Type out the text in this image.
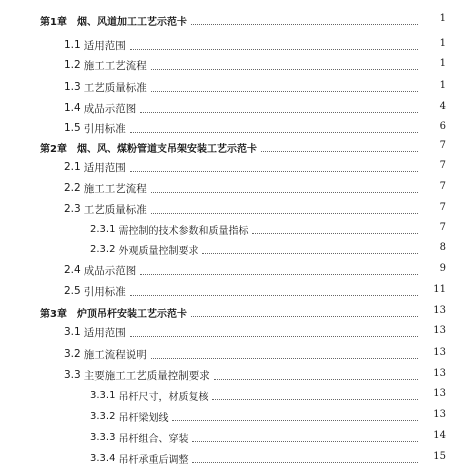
第1章 烟、风道加工工艺示范卡	1
1.1 适用范围	1
1.2 施工工艺流程	1
1.3 工艺质量标准	1
1.4 成品示范图	4
1.5 引用标准	6
第2章 烟、风、煤粉管道支吊架安装工艺示范卡	7
2.1 适用范围	7
2.2 施工工艺流程	7
2.3 工艺质量标准	7
2.3.1 需控制的技术参数和质量指标	7
2.3.2 外观质量控制要求	8
2.4 成品示范图	9
2.5 引用标准	11
第3章 炉顶吊杆安装工艺示范卡	13
3.1 适用范围	13
3.2 施工流程说明	13
3.3 主要施工工艺质量控制要求	13
3.3.1 吊杆尺寸，材质复核	13
3.3.2 吊杆梁划线	13
3.3.3 吊杆组合、穿装	14
3.3.4 吊杆承重后调整	15
